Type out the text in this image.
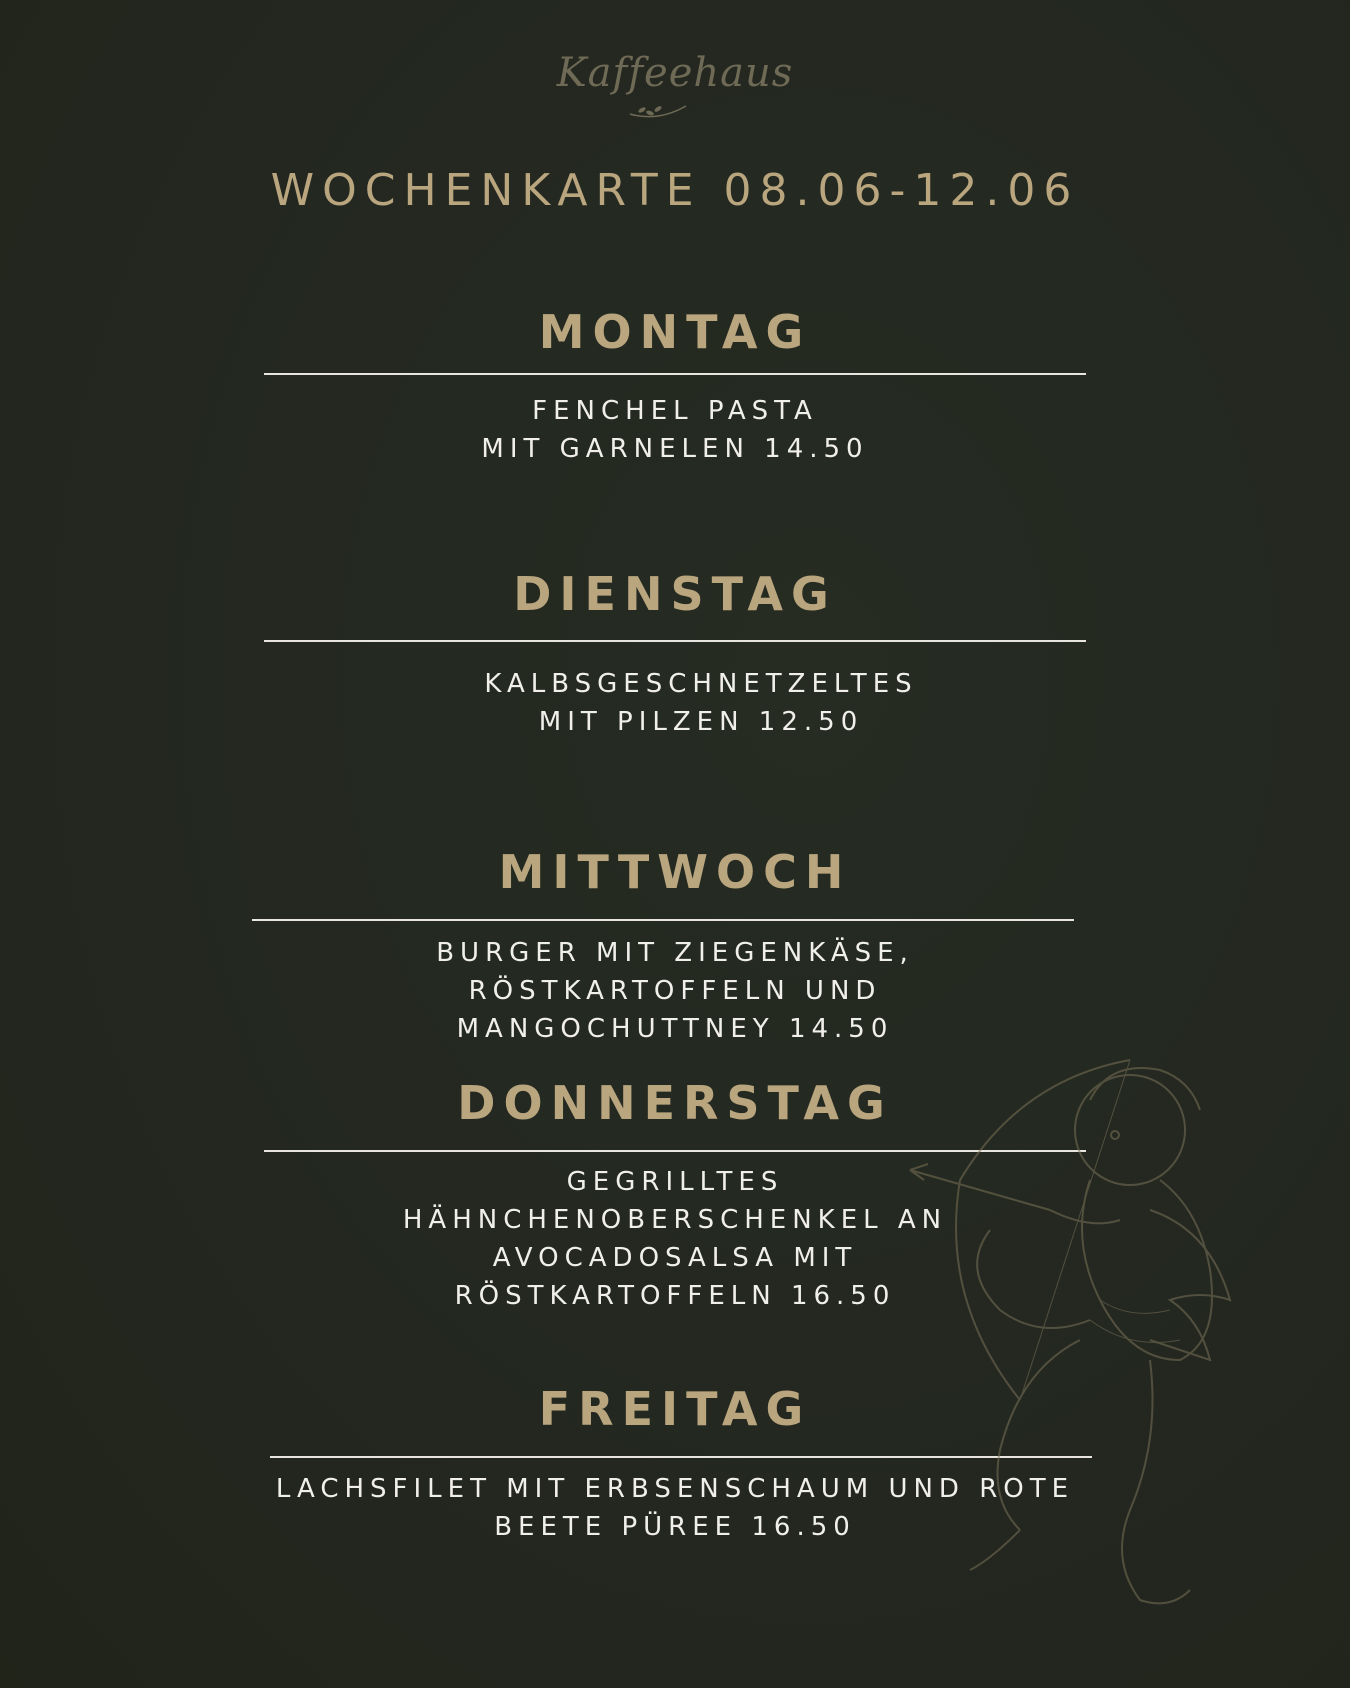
Kaffeehaus
WOCHENKARTE 08.06-12.06
MONTAG
FENCHEL PASTA
MIT GARNELEN 14.50
DIENSTAG
KALBSGESCHNETZELTES
MIT PILZEN 12.50
MITTWOCH
BURGER MIT ZIEGENKÄSE,
RÖSTKARTOFFELN UND
MANGOCHUTTNEY 14.50
DONNERSTAG
GEGRILLTES
HÄHNCHENOBERSCHENKEL AN
AVOCADOSALSA MIT
RÖSTKARTOFFELN 16.50
FREITAG
LACHSFILET MIT ERBSENSCHAUM UND ROTE
BEETE PÜREE 16.50
